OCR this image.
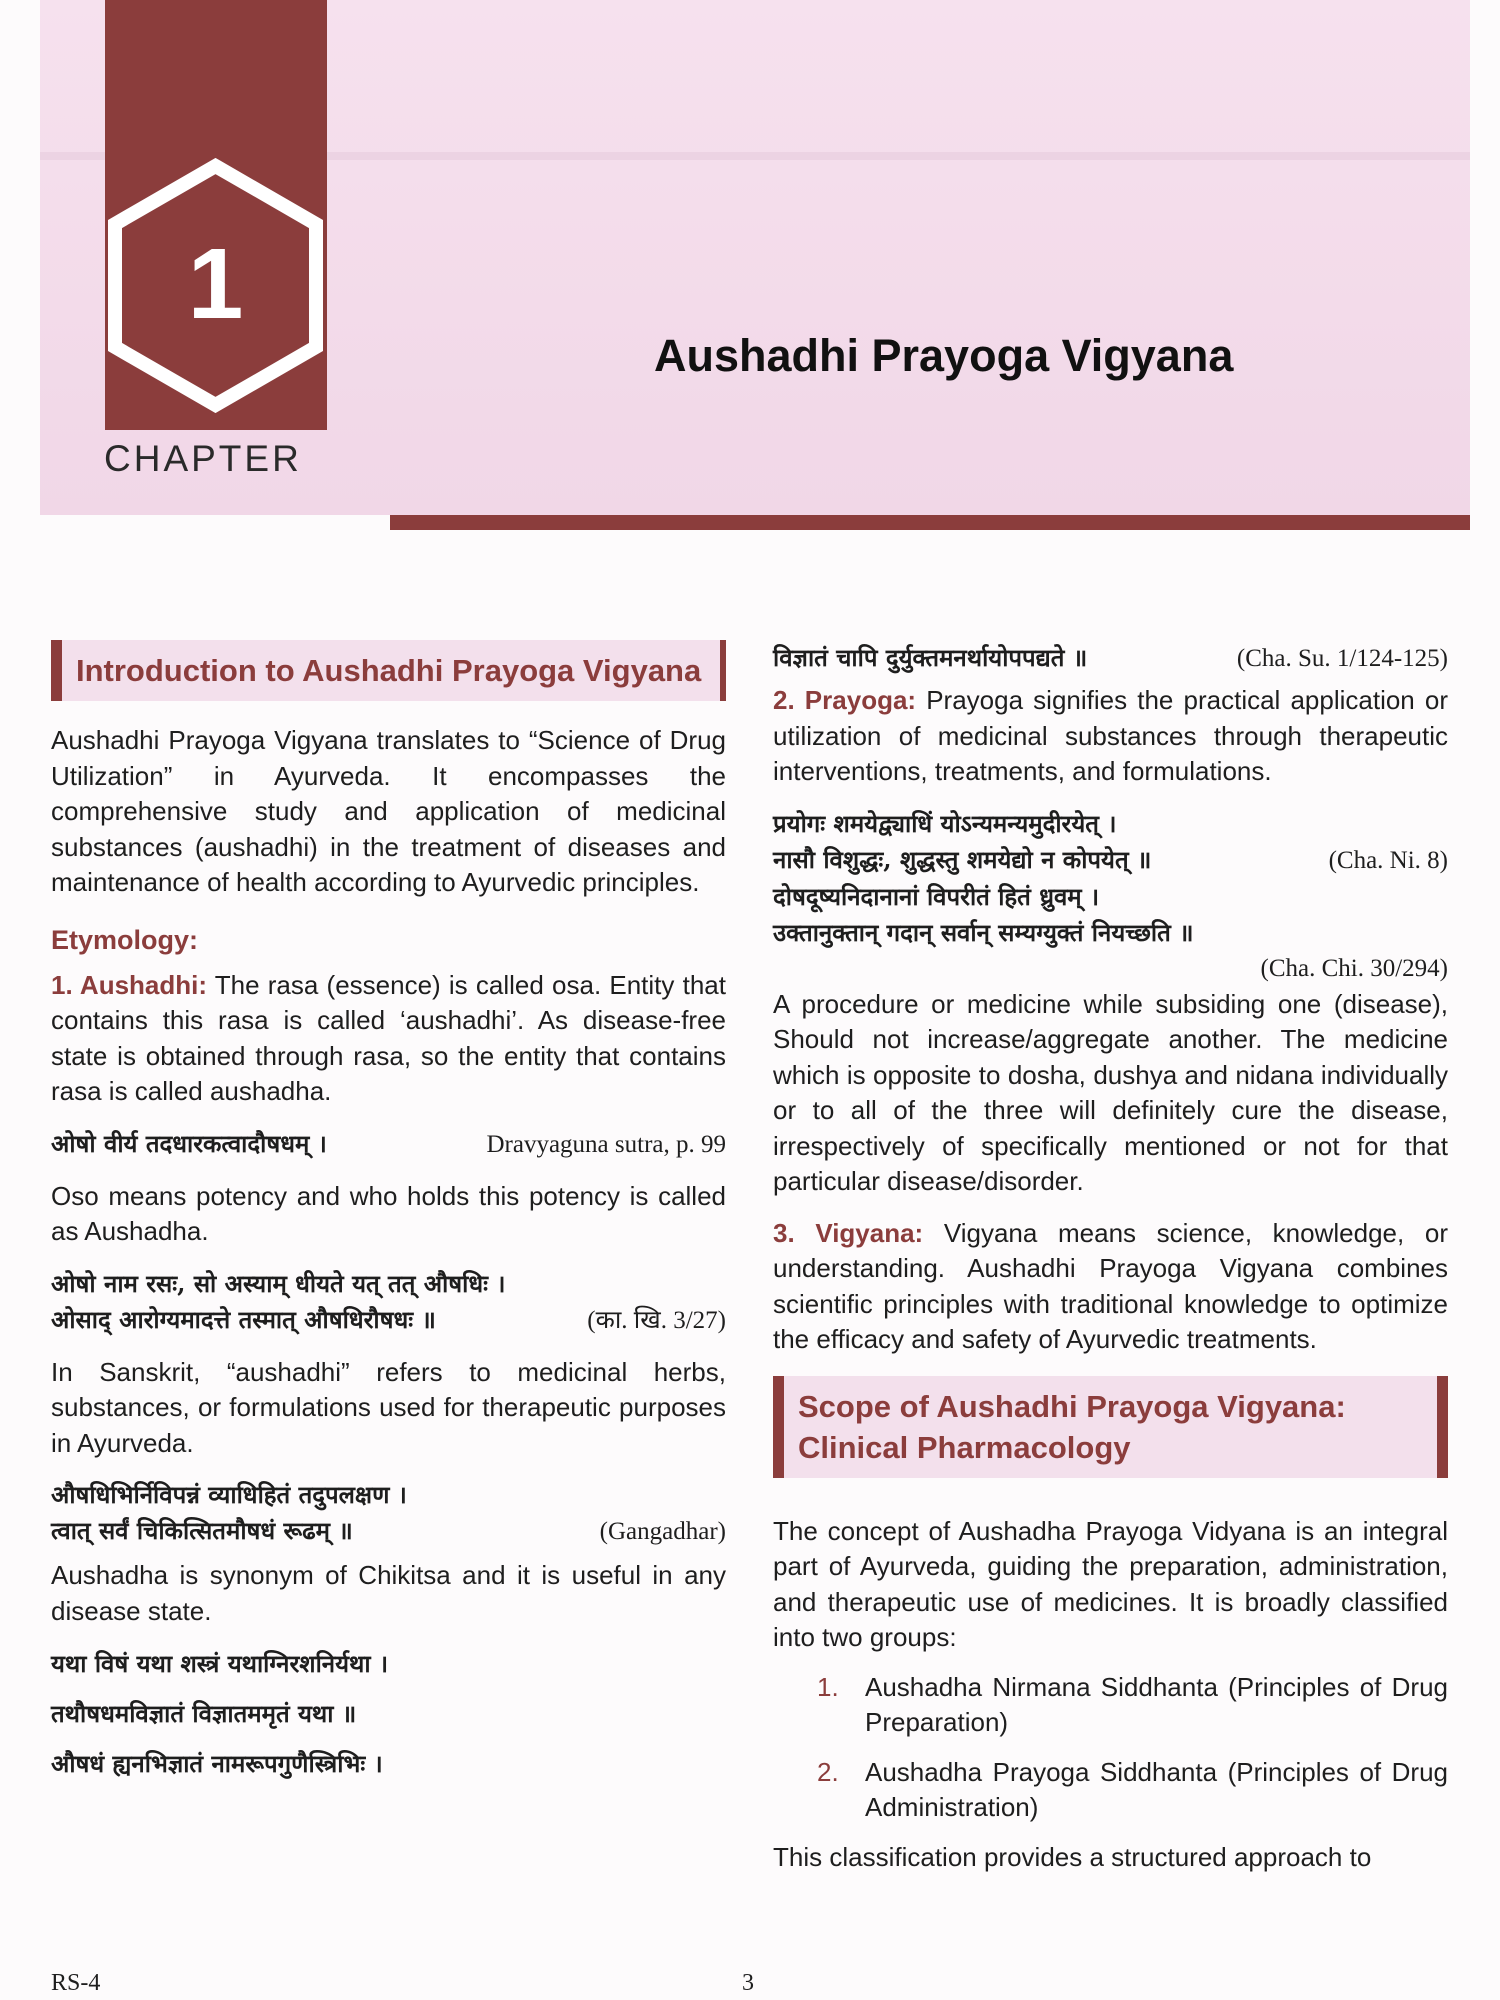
1
CHAPTER
Aushadhi Prayoga Vigyana
Introduction to Aushadhi Prayoga Vigyana

Aushadhi Prayoga Vigyana translates to “Science of Drug Utilization” in Ayurveda. It encompasses the comprehensive study and application of medicinal substances (aushadhi) in the treatment of diseases and maintenance of health according to Ayurvedic principles.

Etymology:

1. Aushadhi: The rasa (essence) is called osa. Entity that contains this rasa is called ‘aushadhi’. As disease-free state is obtained through rasa, so the entity that contains rasa is called aushadha.

ओषो वीर्य तदधारकत्वादौषधम् ।	Dravyaguna sutra, p. 99

Oso means potency and who holds this potency is called as Aushadha.

ओषो नाम रसः, सो अस्याम् धीयते यत् तत् औषधिः ।
ओसाद् आरोग्यमादत्ते तस्मात् औषधिरौषधः ॥	(का. खि. 3/27)

In Sanskrit, “aushadhi” refers to medicinal herbs, substances, or formulations used for therapeutic purposes in Ayurveda.

औषधिभिर्निविपन्नं व्याधिहितं तदुपलक्षण ।
त्वात् सर्वं चिकित्सितमौषधं रूढम् ॥	(Gangadhar)

Aushadha is synonym of Chikitsa and it is useful in any disease state.

यथा विषं यथा शस्त्रं यथाग्निरशनिर्यथा ।
तथौषधमविज्ञातं विज्ञातममृतं यथा ॥
औषधं ह्यनभिज्ञातं नामरूपगुणैस्त्रिभिः ।
विज्ञातं चापि दुर्युक्तमनर्थायोपपद्यते ॥	(Cha. Su. 1/124-125)

2. Prayoga: Prayoga signifies the practical application or utilization of medicinal substances through therapeutic interventions, treatments, and formulations.

प्रयोगः शमयेद्व्याधिं योऽन्यमन्यमुदीरयेत् ।
नासौ विशुद्धः, शुद्धस्तु शमयेद्यो न कोपयेत् ॥	(Cha. Ni. 8)
दोषदूष्यनिदानानां विपरीतं हितं ध्रुवम् ।
उक्तानुक्तान् गदान् सर्वान् सम्यग्युक्तं नियच्छति ॥
(Cha. Chi. 30/294)

A procedure or medicine while subsiding one (disease), Should not increase/aggregate another. The medicine which is opposite to dosha, dushya and nidana individually or to all of the three will definitely cure the disease, irrespectively of specifically mentioned or not for that particular disease/disorder.

3. Vigyana: Vigyana means science, knowledge, or understanding. Aushadhi Prayoga Vigyana combines scientific principles with traditional knowledge to optimize the efficacy and safety of Ayurvedic treatments.

Scope of Aushadhi Prayoga Vigyana: Clinical Pharmacology

The concept of Aushadha Prayoga Vidyana is an integral part of Ayurveda, guiding the preparation, administration, and therapeutic use of medicines. It is broadly classified into two groups:

1.	Aushadha Nirmana Siddhanta (Principles of Drug Preparation)
2.	Aushadha Prayoga Siddhanta (Principles of Drug Administration)

This classification provides a structured approach to

RS-4	3
